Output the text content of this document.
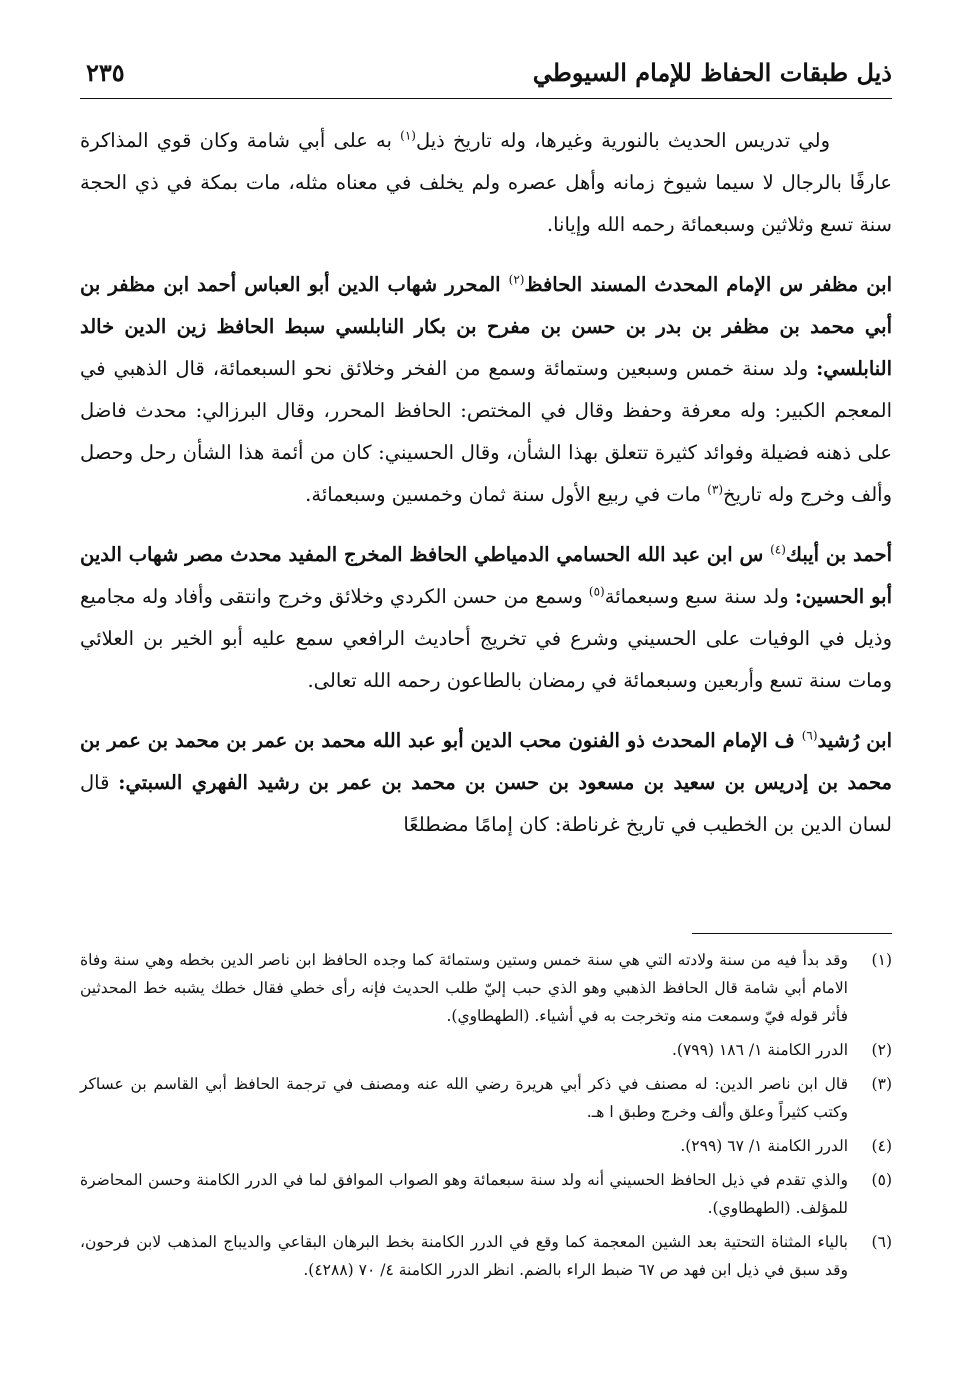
ذيل طبقات الحفاظ للإمام السيوطي
٢٣٥

ولي تدريس الحديث بالنورية وغيرها، وله تاريخ ذيل$^{(١)}$ به على أبي شامة وكان قوي المذاكرة عارفًا بالرجال لا سيما شيوخ زمانه وأهل عصره ولم يخلف في معناه مثله، مات بمكة في ذي الحجة سنة تسع وثلاثين وسبعمائة رحمه الله وإيانا.

ابن مظفر س الإمام المحدث المسند الحافظ$^{(٢)}$ المحرر شهاب الدين أبو العباس أحمد ابن مظفر بن أبي محمد بن مظفر بن بدر بن حسن بن مفرح بن بكار النابلسي سبط الحافظ زين الدين خالد النابلسي: ولد سنة خمس وسبعين وستمائة وسمع من الفخر وخلائق نحو السبعمائة، قال الذهبي في المعجم الكبير: وله معرفة وحفظ وقال في المختص: الحافظ المحرر، وقال البرزالي: محدث فاضل على ذهنه فضيلة وفوائد كثيرة تتعلق بهذا الشأن، وقال الحسيني: كان من أئمة هذا الشأن رحل وحصل وألف وخرج وله تاريخ$^{(٣)}$ مات في ربيع الأول سنة ثمان وخمسين وسبعمائة.

أحمد بن أيبك$^{(٤)}$ س ابن عبد الله الحسامي الدمياطي الحافظ المخرج المفيد محدث مصر شهاب الدين أبو الحسين: ولد سنة سبع وسبعمائة$^{(٥)}$ وسمع من حسن الكردي وخلائق وخرج وانتقى وأفاد وله مجاميع وذيل في الوفيات على الحسيني وشرع في تخريج أحاديث الرافعي سمع عليه أبو الخير بن العلائي ومات سنة تسع وأربعين وسبعمائة في رمضان بالطاعون رحمه الله تعالى.

ابن رُشيد$^{(٦)}$ ف الإمام المحدث ذو الفنون محب الدين أبو عبد الله محمد بن عمر بن محمد بن عمر بن محمد بن إدريس بن سعيد بن مسعود بن حسن بن محمد بن عمر بن رشيد الفهري السبتي: قال لسان الدين بن الخطيب في تاريخ غرناطة: كان إمامًا مضطلعًا

(١)
وقد بدأ فيه من سنة ولادته التي هي سنة خمس وستين وستمائة كما وجده الحافظ ابن ناصر الدين بخطه وهي سنة وفاة الامام أبي شامة قال الحافظ الذهبي وهو الذي حبب إليّ طلب الحديث فإنه رأى خطي فقال خطك يشبه خط المحدثين فأثر قوله فيّ وسمعت منه وتخرجت به في أشياء. (الطهطاوي).
(٢)
الدرر الكامنة ١/ ١٨٦ (٧٩٩).
(٣)
قال ابن ناصر الدين: له مصنف في ذكر أبي هريرة رضي الله عنه ومصنف في ترجمة الحافظ أبي القاسم بن عساكر وكتب كثيراً وعلق وألف وخرج وطبق ا هـ.
(٤)
الدرر الكامنة ١/ ٦٧ (٢٩٩).
(٥)
والذي تقدم في ذيل الحافظ الحسيني أنه ولد سنة سبعمائة وهو الصواب الموافق لما في الدرر الكامنة وحسن المحاضرة للمؤلف. (الطهطاوي).
(٦)
بالياء المثناة التحتية بعد الشين المعجمة كما وقع في الدرر الكامنة بخط البرهان البقاعي والديباج المذهب لابن فرحون، وقد سبق في ذيل ابن فهد ص ٦٧ ضبط الراء بالضم. انظر الدرر الكامنة ٤/ ٧٠ (٤٢٨٨).
